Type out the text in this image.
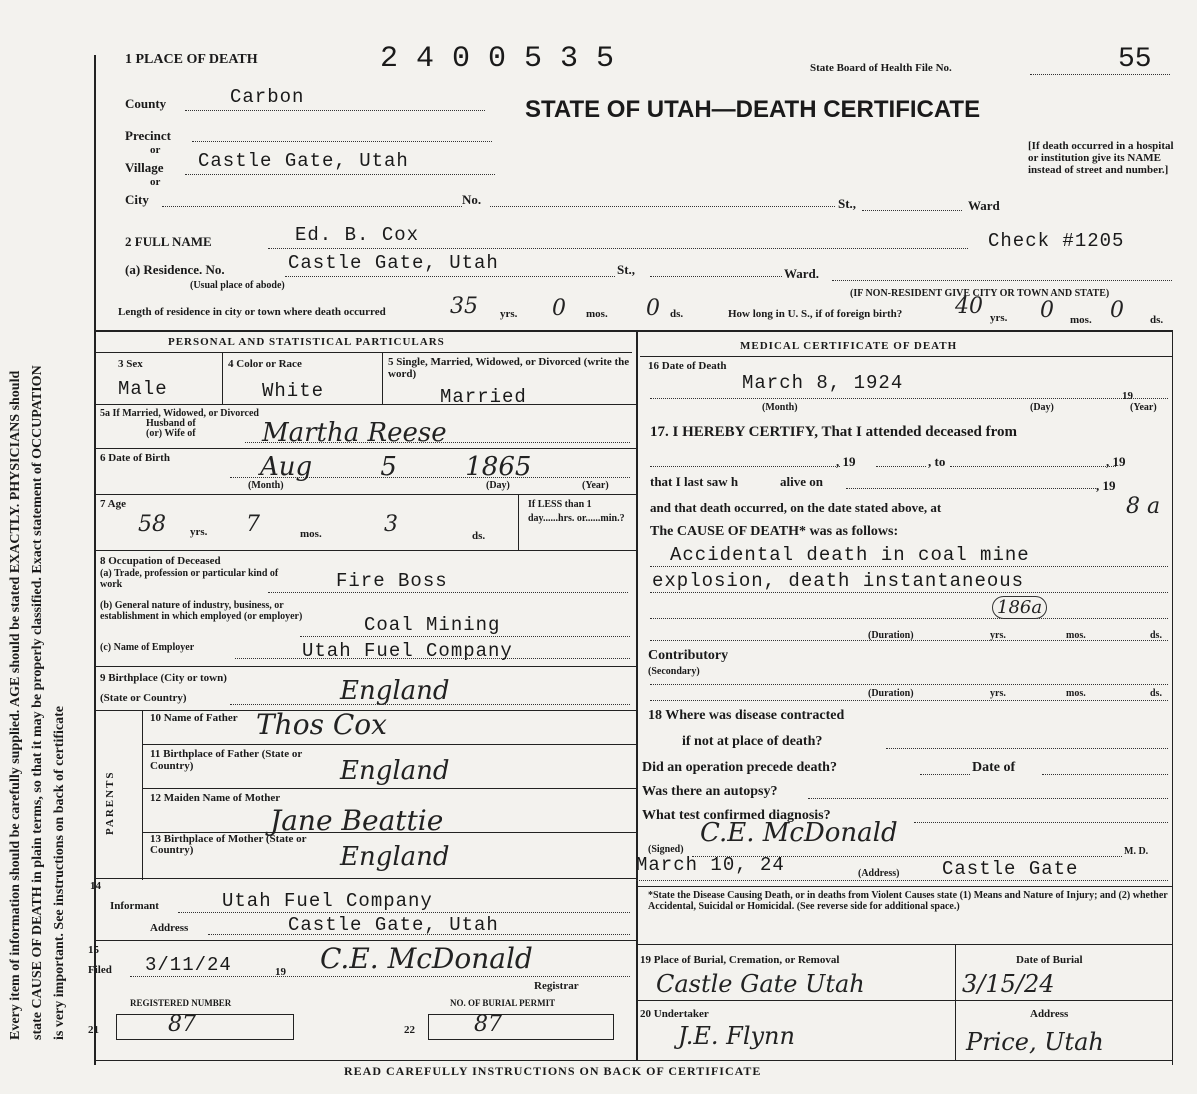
Every item of information should be carefully supplied. AGE should be stated EXACTLY. PHYSICIANS should state CAUSE OF DEATH in plain terms, so that it may be properly classified. Exact statement of OCCUPATION is very important. See instructions on back of certificate
1 PLACE OF DEATH	2 4 0 0 5 3 5	State Board of Health File No.	55
STATE OF UTAH—DEATH CERTIFICATE
[If death occurred in a hospital or institution give its NAME instead of street and number.]
County	Carbon
Precinct
or
Village Castle Gate, Utah
or
City	No.	St.,	Ward
2 FULL NAME	Ed. B. Cox	Check #1205
(a) Residence. No.	Castle Gate, Utah	St.,	Ward.
(Usual place of abode)
(IF NON-RESIDENT GIVE CITY OR TOWN AND STATE)
Length of residence in city or town where death occurred	35 yrs. 0 mos. 0 ds.	How long in U. S., if of foreign birth? 40 yrs. 0 mos. 0 ds.
PERSONAL AND STATISTICAL PARTICULARS	MEDICAL CERTIFICATE OF DEATH
3 Sex
Male
4 Color or Race
White
5 Single, Married, Widowed, or Divorced (write the word)
Married
5a If Married, Widowed, or Divorced
Husband of
(or) Wife of	Martha Reese
6 Date of Birth	Aug 5 1865
(Month)	(Day)	(Year)
7 Age
58 yrs. 7	mos.	3	ds.
If LESS than 1 day......hrs. or......min.?
8 Occupation of Deceased
(a) Trade, profession or particular kind of work	Fire Boss
(b) General nature of industry, business, or establishment in which employed (or employer)	Coal Mining
(c) Name of Employer	Utah Fuel Company
9 Birthplace (City or town)
(State or Country)	England
PARENTS
10 Name of Father Thos Cox
11 Birthplace of Father (State or Country)	England
12 Maiden Name of Mother
Jane Beattie
13 Birthplace of Mother (State or Country)	England
14
Informant	Utah Fuel Company
Address	Castle Gate, Utah
15
Filed 3/11/24	19 C.E. McDonald
Registrar
REGISTERED NUMBER
21	87
NO. OF BURIAL PERMIT
22	87
16 Date of Death
March 8, 1924
19
(Month)	(Day)	(Year)
17. I HEREBY CERTIFY, That I attended deceased from
, 19	, to	, 19
that I last saw h	alive on	, 19
and that death occurred, on the date stated above, at	8 a
The CAUSE OF DEATH* was as follows:
Accidental death in coal mine
explosion, death instantaneous
186a
(Duration)	yrs.	mos.	ds.
Contributory
(Secondary)
(Duration)	yrs.	mos.	ds.
18 Where was disease contracted
if not at place of death?
Did an operation precede death?	Date of
Was there an autopsy?
What test confirmed diagnosis?
(Signed)
C.E. McDonald
M. D.
March 10, 24	(Address) Castle Gate
*State the Disease Causing Death, or in deaths from Violent Causes state (1) Means and Nature of Injury; and (2) whether Accidental, Suicidal or Homicidal. (See reverse side for additional space.)
19 Place of Burial, Cremation, or Removal	Date of Burial
Castle Gate Utah	3/15/24
20 Undertaker
J.E. Flynn
Address
Price, Utah
READ CAREFULLY INSTRUCTIONS ON BACK OF CERTIFICATE
